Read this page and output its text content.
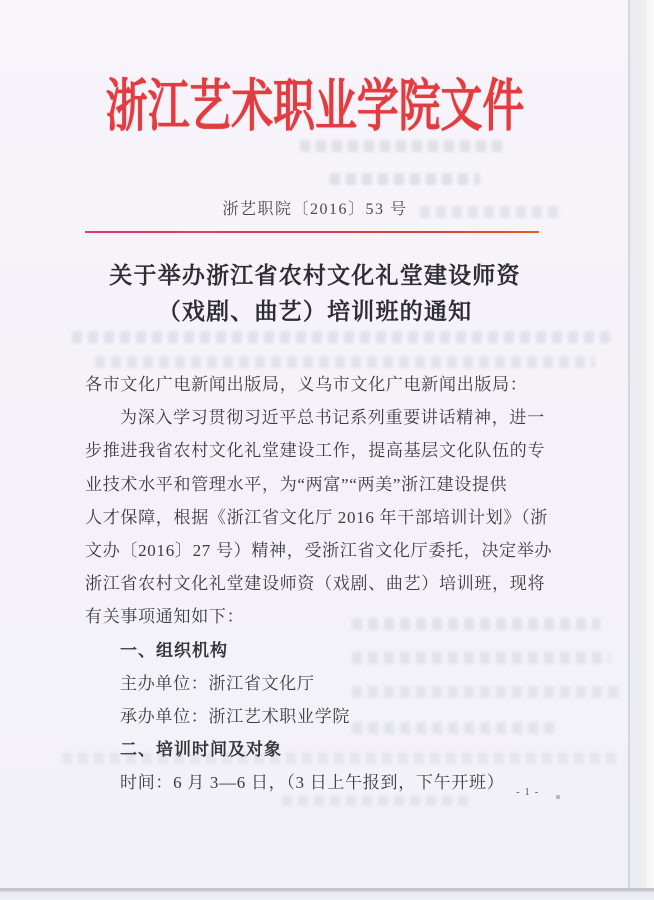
浙江艺术职业学院文件
浙艺职院〔2016〕53 号
关于举办浙江省农村文化礼堂建设师资
（戏剧、曲艺）培训班的通知
各市文化广电新闻出版局，义乌市文化广电新闻出版局：
为深入学习贯彻习近平总书记系列重要讲话精神，进一
步推进我省农村文化礼堂建设工作，提高基层文化队伍的专
业技术水平和管理水平，为“两富”“两美”浙江建设提供
人才保障，根据《浙江省文化厅 2016 年干部培训计划》（浙
文办〔2016〕27 号）精神，受浙江省文化厅委托，决定举办
浙江省农村文化礼堂建设师资（戏剧、曲艺）培训班，现将
有关事项通知如下：
一、组织机构
主办单位：浙江省文化厅
承办单位：浙江艺术职业学院
二、培训时间及对象
时间：6 月 3—6 日，（3 日上午报到，下午开班）	- 1 -
